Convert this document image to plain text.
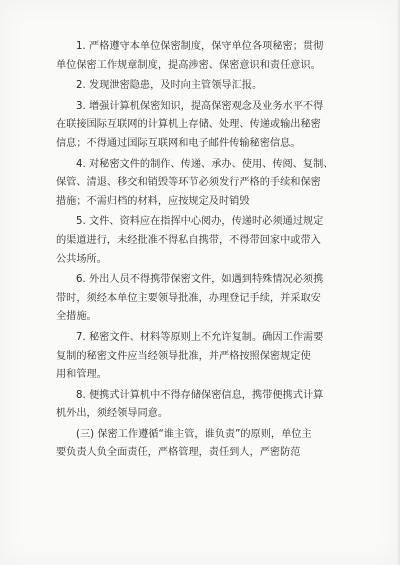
1. 严格遵守本单位保密制度，保守单位各项秘密；贯彻
单位保密工作规章制度，提高涉密、保密意识和责任意识。
2. 发现泄密隐患，及时向主管领导汇报。
3. 增强计算机保密知识，提高保密观念及业务水平不得
在联接国际互联网的计算机上存储、处理、传递或输出秘密
信息；不得通过国际互联网和电子邮件传输秘密信息。
4. 对秘密文件的制作、传递、承办、使用、传阅、复制、
保管、清退、移交和销毁等环节必须发行严格的手续和保密
措施；不需归档的材料，应按规定及时销毁
5. 文件、资料应在指挥中心阅办，传递时必须通过规定
的渠道进行，未经批准不得私自携带，不得带回家中或带入
公共场所。
6. 外出人员不得携带保密文件，如遇到特殊情况必须携
带时，须经本单位主要领导批准，办理登记手续，并采取安
全措施。
7. 秘密文件、材料等原则上不允许复制。确因工作需要
复制的秘密文件应当经领导批准，并严格按照保密规定使
用和管理。
8. 便携式计算机中不得存储保密信息，携带便携式计算
机外出，须经领导同意。
(三) 保密工作遵循“谁主管，谁负责”的原则，单位主
要负责人负全面责任，严格管理，责任到人，严密防范
